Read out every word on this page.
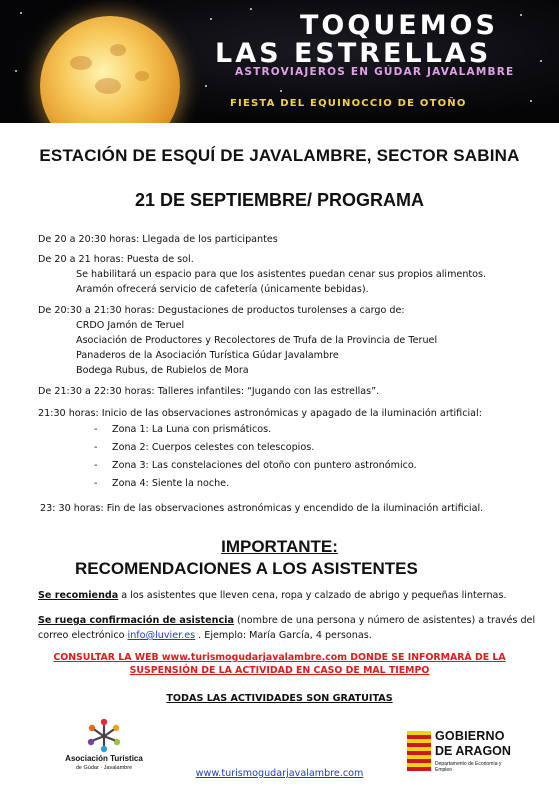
TOQUEMOS
LAS ESTRELLAS
ASTROVIAJEROS EN GÚDAR JAVALAMBRE
FIESTA DEL EQUINOCCIO DE OTOÑO
ESTACIÓN DE ESQUÍ DE JAVALAMBRE, SECTOR SABINA
21 DE SEPTIEMBRE/ PROGRAMA

De 20 a 20:30 horas: Llegada de los participantes

De 20 a 21 horas: Puesta de sol.

Se habilitará un espacio para que los asistentes puedan cenar sus propios alimentos.

Aramón ofrecerá servicio de cafetería (únicamente bebidas).

De 20:30 a 21:30 horas: Degustaciones de productos turolenses a cargo de:

CRDO Jamón de Teruel

Asociación de Productores y Recolectores de Trufa de la Provincia de Teruel

Panaderos de la Asociación Turística Gúdar Javalambre

Bodega Rubus, de Rubielos de Mora

De 21:30 a 22:30 horas: Talleres infantiles: “Jugando con las estrellas”.

21:30 horas: Inicio de las observaciones astronómicas y apagado de la iluminación artificial:

- Zona 1: La Luna con prismáticos.

- Zona 2: Cuerpos celestes con telescopios.

- Zona 3: Las constelaciones del otoño con puntero astronómico.

- Zona 4: Siente la noche.

23: 30 horas: Fin de las observaciones astronómicas y encendido de la iluminación artificial.

IMPORTANTE:
RECOMENDACIONES A LOS ASISTENTES
Se recomienda a los asistentes que lleven cena, ropa y calzado de abrigo y pequeñas linternas.
Se ruega confirmación de asistencia (nombre de una persona y número de asistentes) a través del correo electrónico info@luvier.es . Ejemplo: María García, 4 personas.
CONSULTAR LA WEB www.turismogudarjavalambre.com DONDE SE INFORMARÁ DE LA
SUSPENSIÓN DE LA ACTIVIDAD EN CASO DE MAL TIEMPO
TODAS LAS ACTIVIDADES SON GRATUITAS
Asociación Turística
de Gúdar · Javalambre
GOBIERNO
DE ARAGON
Departamento de Economía y Empleo
www.turismogudarjavalambre.com
